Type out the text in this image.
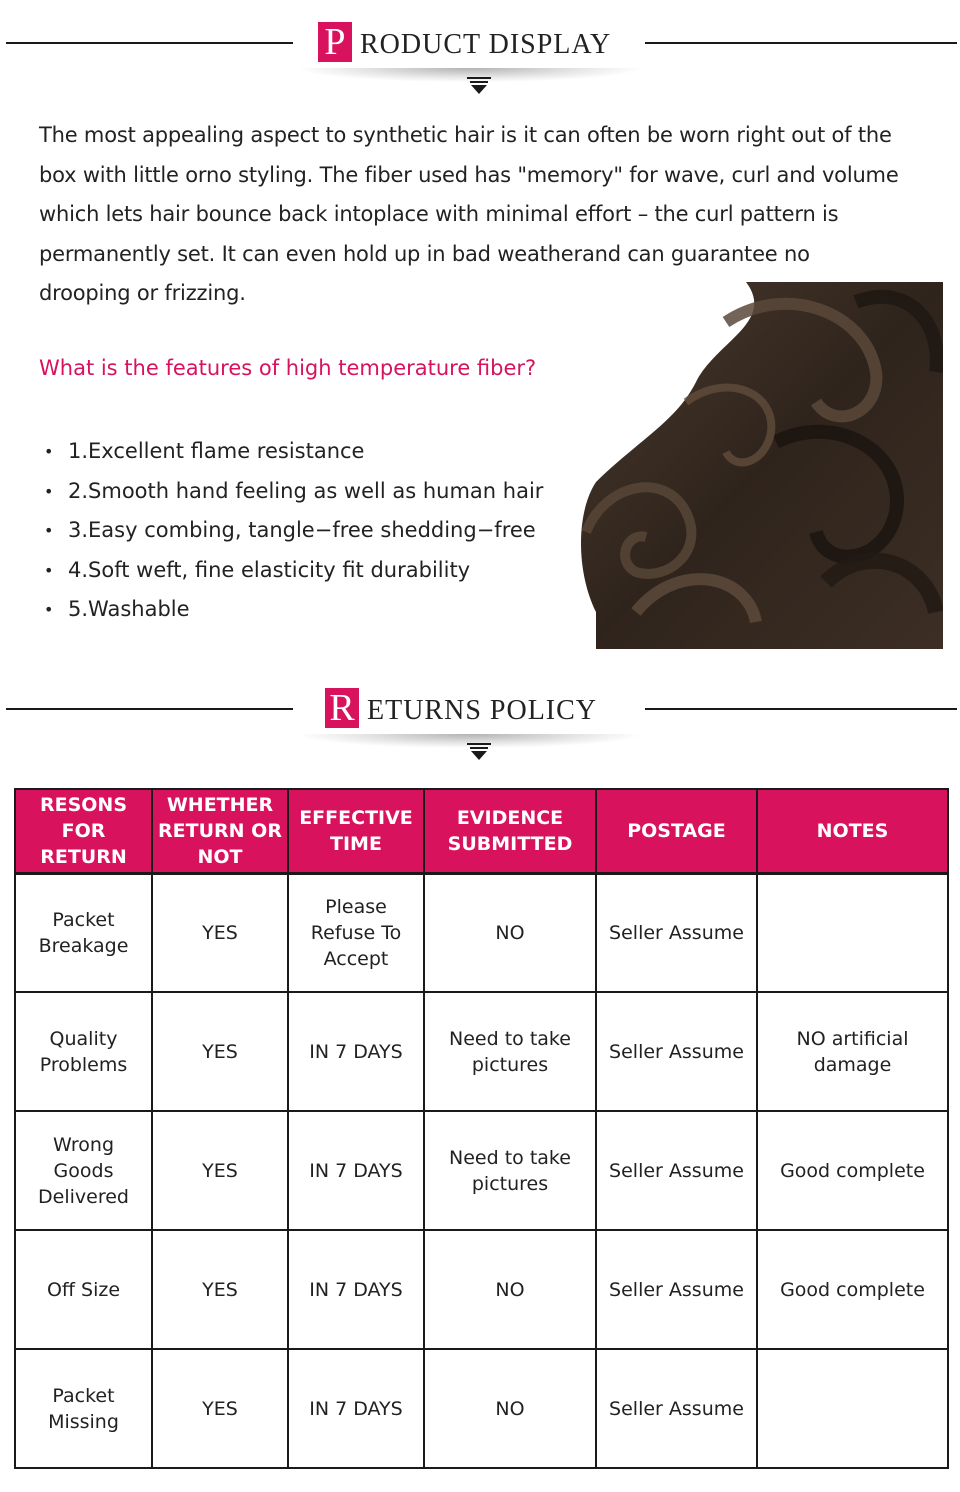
P RODUCT DISPLAY

The most appealing aspect to synthetic hair is it can often be worn right out of the box with little orno styling. The fiber used has "memory" for wave, curl and volume which lets hair bounce back intoplace with minimal effort – the curl pattern is permanently set. It can even hold up in bad weatherand can guarantee no drooping or frizzing.

What is the features of high temperature fiber?

• 1.Excellent flame resistance
• 2.Smooth hand feeling as well as human hair
• 3.Easy combing, tangle−free shedding−free
• 4.Soft weft, fine elasticity fit durability
• 5.Washable
R ETURNS POLICY
RESONS FOR RETURN	WHETHER RETURN OR NOT	EFFECTIVE TIME	EVIDENCE SUBMITTED	POSTAGE	NOTES
Packet Breakage	YES	Please Refuse To Accept	NO	Seller Assume	
Quality Problems	YES	IN 7 DAYS	Need to take pictures	Seller Assume	NO artificial damage
Wrong Goods Delivered	YES	IN 7 DAYS	Need to take pictures	Seller Assume	Good complete
Off Size	YES	IN 7 DAYS	NO	Seller Assume	Good complete
Packet Missing	YES	IN 7 DAYS	NO	Seller Assume	
